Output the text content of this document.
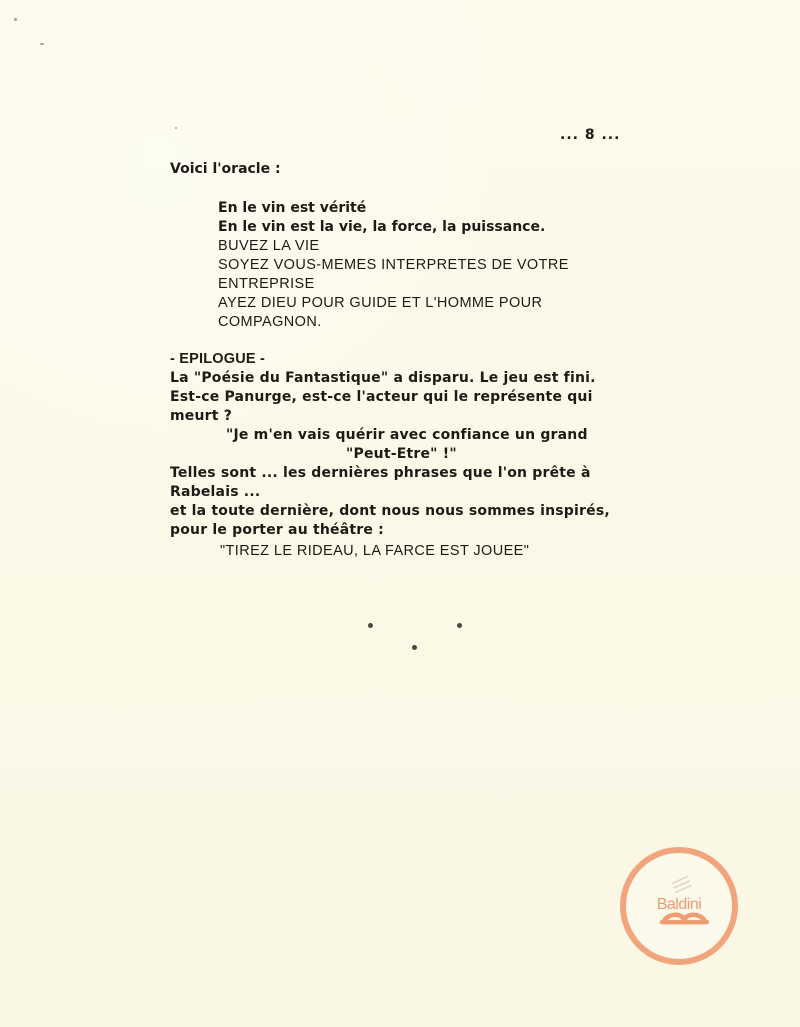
... 8 ...
Voici l'oracle :
En le vin est vérité
En le vin est la vie, la force, la puissance.
BUVEZ LA VIE
SOYEZ VOUS-MEMES INTERPRETES DE VOTRE
ENTREPRISE
AYEZ DIEU POUR GUIDE ET L'HOMME POUR
COMPAGNON.
- EPILOGUE -
La "Poésie du Fantastique" a disparu. Le jeu est fini.
Est-ce Panurge, est-ce l'acteur qui le représente qui
meurt ?
"Je m'en vais quérir avec confiance un grand
"Peut-Etre" !"
Telles sont ... les dernières phrases que l'on prête à
Rabelais ...
et la toute dernière, dont nous nous sommes inspirés,
pour le porter au théâtre :
"TIREZ LE RIDEAU, LA FARCE EST JOUEE"
Baldini
